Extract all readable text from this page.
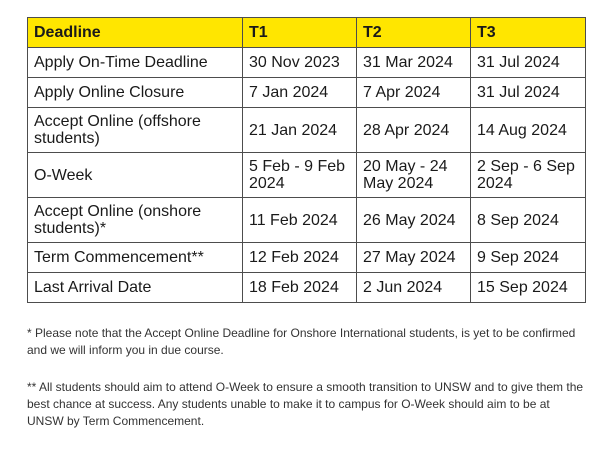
Deadline	T1	T2	T3
Apply On-Time Deadline	30 Nov 2023	31 Mar 2024	31 Jul 2024
Apply Online Closure	7 Jan 2024	7 Apr 2024	31 Jul 2024
Accept Online (offshore students)	21 Jan 2024	28 Apr 2024	14 Aug 2024
O-Week	5 Feb - 9 Feb 2024	20 May - 24 May 2024	2 Sep - 6 Sep 2024
Accept Online (onshore students)*	11 Feb 2024	26 May 2024	8 Sep 2024
Term Commencement**	12 Feb 2024	27 May 2024	9 Sep 2024
Last Arrival Date	18 Feb 2024	2 Jun 2024	15 Sep 2024

* Please note that the Accept Online Deadline for Onshore International students, is yet to be confirmed and we will inform you in due course.

** All students should aim to attend O-Week to ensure a smooth transition to UNSW and to give them the best chance at success. Any students unable to make it to campus for O-Week should aim to be at UNSW by Term Commencement.
